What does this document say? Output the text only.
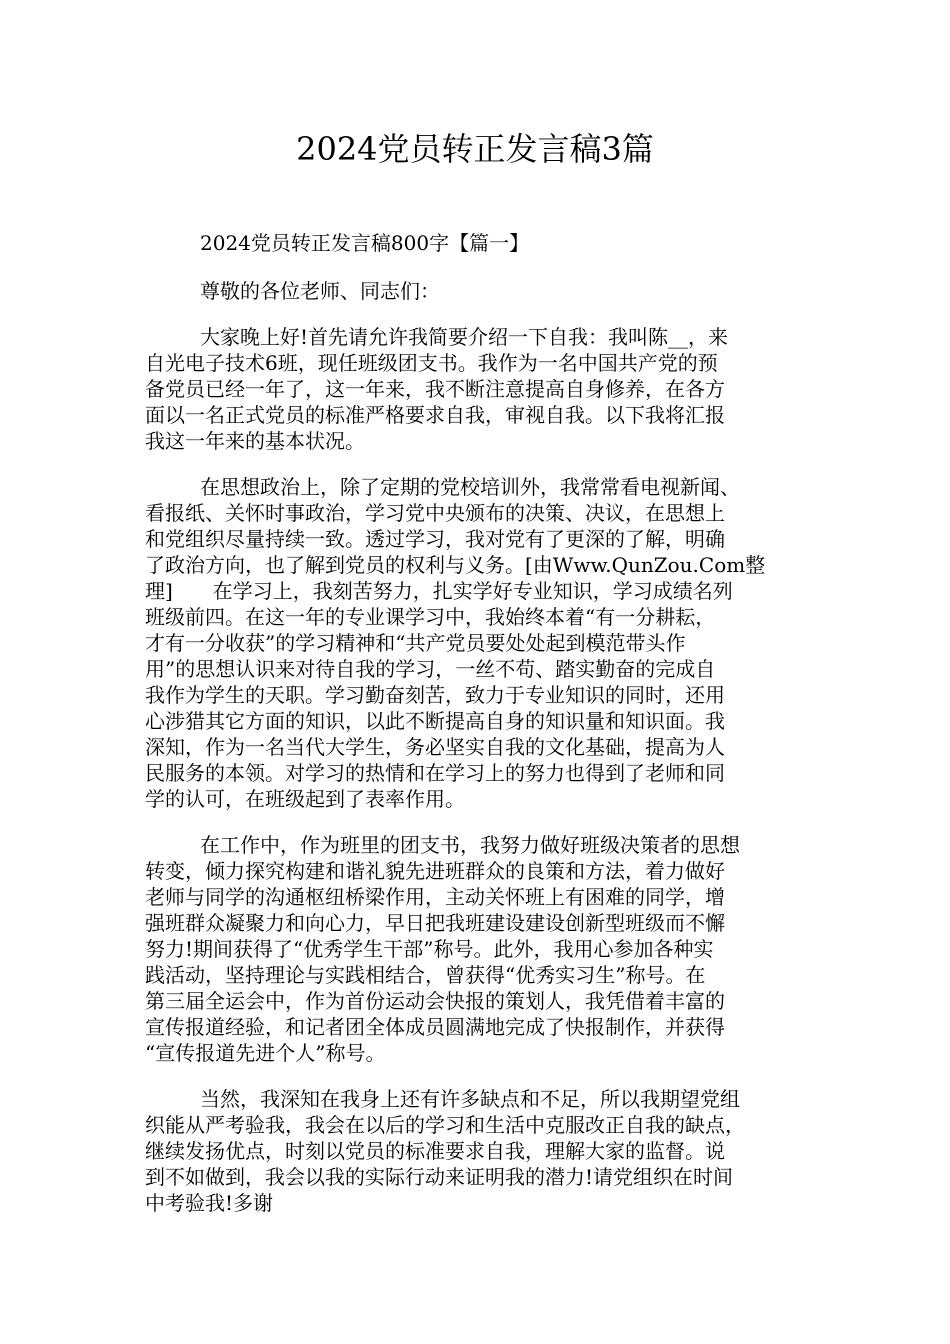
2024党员转正发言稿3篇

2024党员转正发言稿800字【篇一】

尊敬的各位老师、同志们：

大家晚上好!首先请允许我简要介绍一下自我：我叫陈__，来

自光电子技术6班，现任班级团支书。我作为一名中国共产党的预

备党员已经一年了，这一年来，我不断注意提高自身修养，在各方

面以一名正式党员的标准严格要求自我，审视自我。以下我将汇报

我这一年来的基本状况。

在思想政治上，除了定期的党校培训外，我常常看电视新闻、

看报纸、关怀时事政治，学习党中央颁布的决策、决议，在思想上

和党组织尽量持续一致。透过学习，我对党有了更深的了解，明确

了政治方向，也了解到党员的权利与义务。[由Www.QunZou.Com整

理]　　在学习上，我刻苦努力，扎实学好专业知识，学习成绩名列

班级前四。在这一年的专业课学习中，我始终本着“有一分耕耘，

才有一分收获”的学习精神和“共产党员要处处起到模范带头作

用”的思想认识来对待自我的学习，一丝不苟、踏实勤奋的完成自

我作为学生的天职。学习勤奋刻苦，致力于专业知识的同时，还用

心涉猎其它方面的知识，以此不断提高自身的知识量和知识面。我

深知，作为一名当代大学生，务必坚实自我的文化基础，提高为人

民服务的本领。对学习的热情和在学习上的努力也得到了老师和同

学的认可，在班级起到了表率作用。

在工作中，作为班里的团支书，我努力做好班级决策者的思想

转变，倾力探究构建和谐礼貌先进班群众的良策和方法，着力做好

老师与同学的沟通枢纽桥梁作用，主动关怀班上有困难的同学，增

强班群众凝聚力和向心力，早日把我班建设建设创新型班级而不懈

努力!期间获得了“优秀学生干部”称号。此外，我用心参加各种实

践活动，坚持理论与实践相结合，曾获得“优秀实习生”称号。在

第三届全运会中，作为首份运动会快报的策划人，我凭借着丰富的

宣传报道经验，和记者团全体成员圆满地完成了快报制作，并获得

“宣传报道先进个人”称号。

当然，我深知在我身上还有许多缺点和不足，所以我期望党组

织能从严考验我，我会在以后的学习和生活中克服改正自我的缺点，

继续发扬优点，时刻以党员的标准要求自我，理解大家的监督。说

到不如做到，我会以我的实际行动来证明我的潜力!请党组织在时间

中考验我!多谢
